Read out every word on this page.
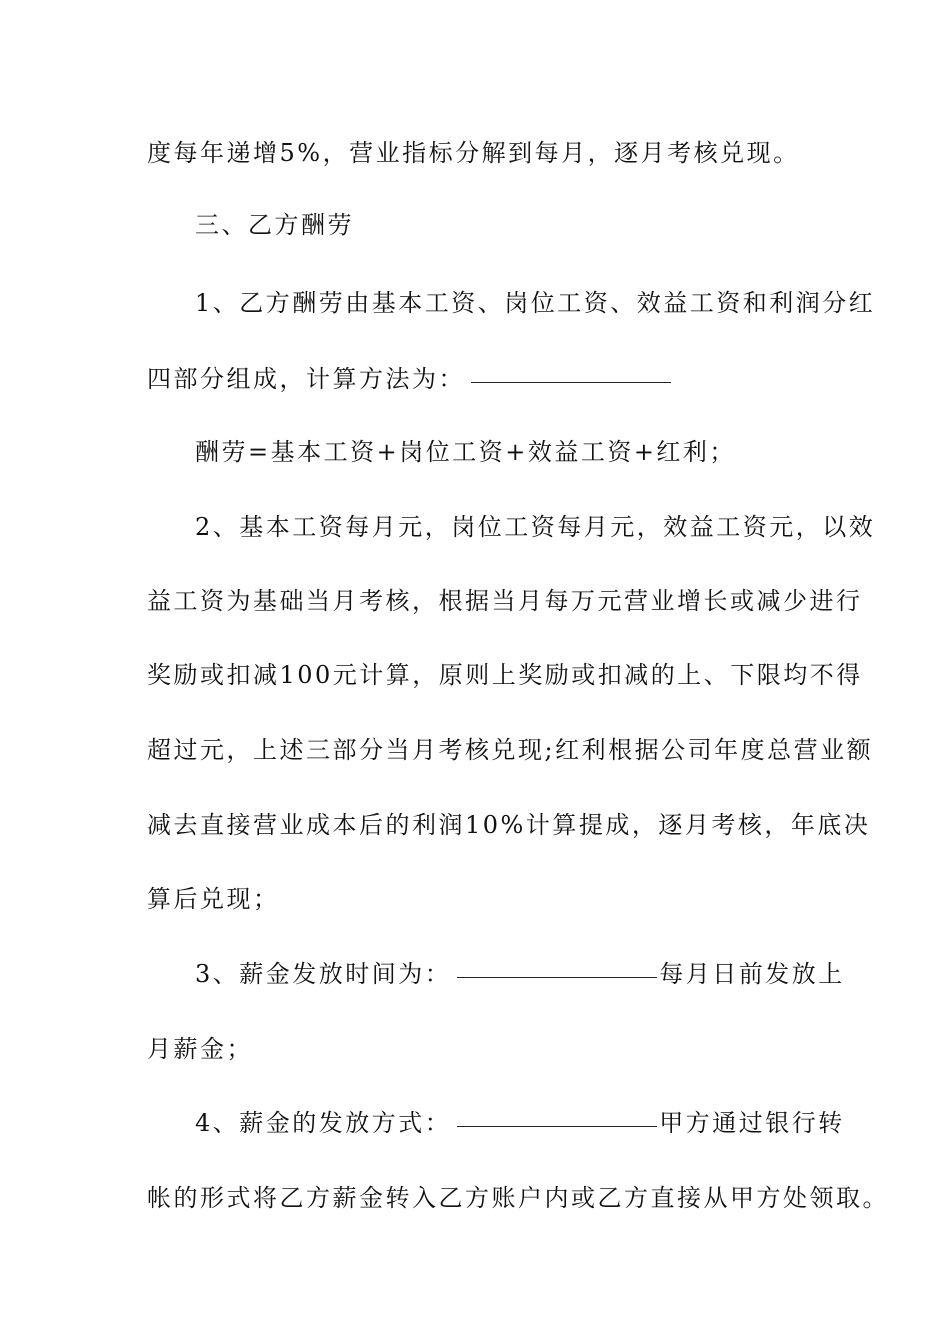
度每年递增5%，营业指标分解到每月，逐月考核兑现。
三、乙方酬劳
1、乙方酬劳由基本工资、岗位工资、效益工资和利润分红
四部分组成，计算方法为：
酬劳=基本工资+岗位工资+效益工资+红利；
2、基本工资每月元，岗位工资每月元，效益工资元，以效
益工资为基础当月考核，根据当月每万元营业增长或减少进行
奖励或扣减100元计算，原则上奖励或扣减的上、下限均不得
超过元，上述三部分当月考核兑现;红利根据公司年度总营业额
减去直接营业成本后的利润10%计算提成，逐月考核，年底决
算后兑现；
3、薪金发放时间为：	每月日前发放上
月薪金；
4、薪金的发放方式：	甲方通过银行转
帐的形式将乙方薪金转入乙方账户内或乙方直接从甲方处领取。
